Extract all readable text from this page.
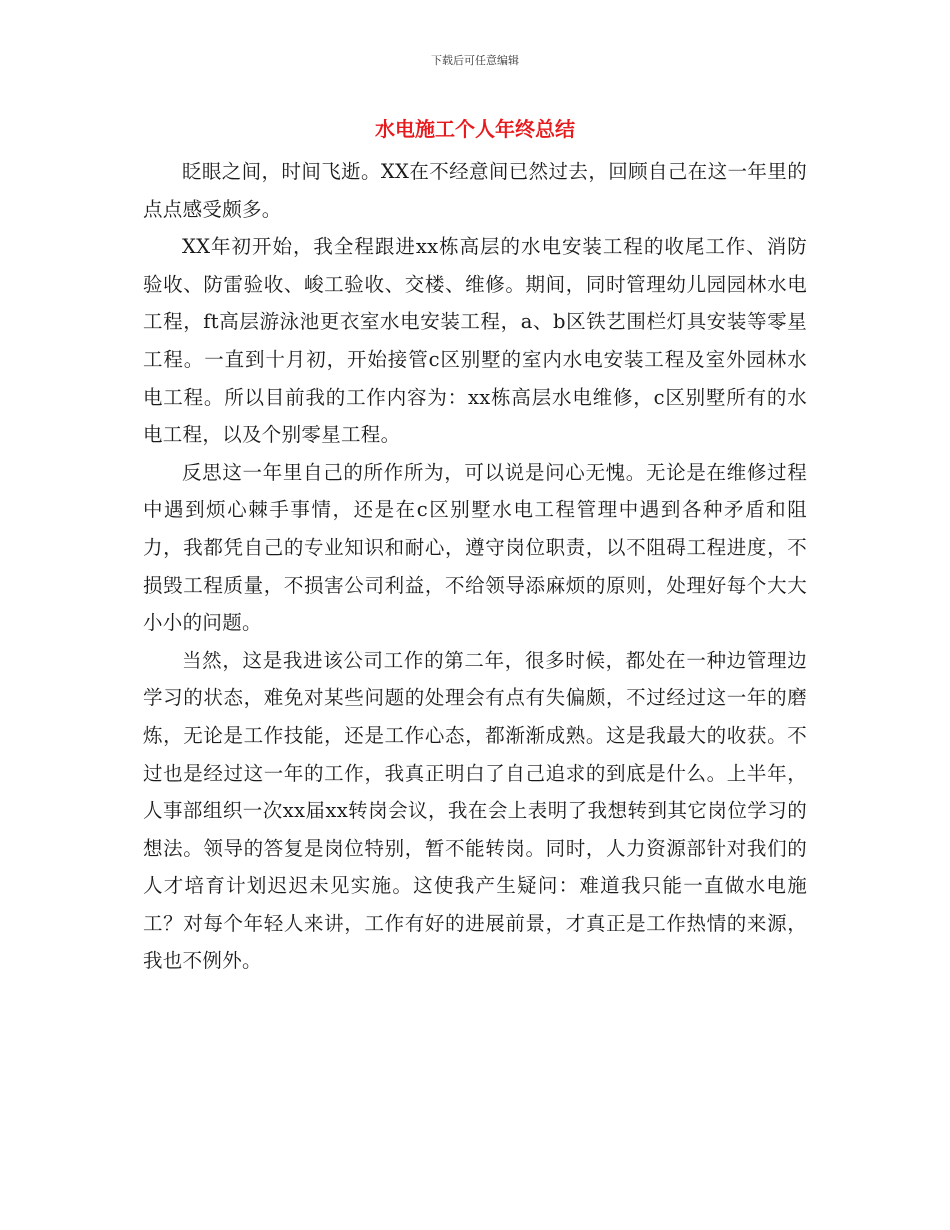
下载后可任意编辑
水电施工个人年终总结

眨眼之间，时间飞逝。XX在不经意间已然过去，回顾自己在这一年里的点点感受颇多。

XX年初开始，我全程跟进xx栋高层的水电安装工程的收尾工作、消防验收、防雷验收、峻工验收、交楼、维修。期间，同时管理幼儿园园林水电工程，ft高层游泳池更衣室水电安装工程，a、b区铁艺围栏灯具安装等零星工程。一直到十月初，开始接管c区别墅的室内水电安装工程及室外园林水电工程。所以目前我的工作内容为：xx栋高层水电维修，c区别墅所有的水电工程，以及个别零星工程。

反思这一年里自己的所作所为，可以说是问心无愧。无论是在维修过程中遇到烦心棘手事情，还是在c区别墅水电工程管理中遇到各种矛盾和阻力，我都凭自己的专业知识和耐心，遵守岗位职责，以不阻碍工程进度，不损毁工程质量，不损害公司利益，不给领导添麻烦的原则，处理好每个大大小小的问题。

当然，这是我进该公司工作的第二年，很多时候，都处在一种边管理边学习的状态，难免对某些问题的处理会有点有失偏颇，不过经过这一年的磨炼，无论是工作技能，还是工作心态，都渐渐成熟。这是我最大的收获。不过也是经过这一年的工作，我真正明白了自己追求的到底是什么。上半年，人事部组织一次xx届xx转岗会议，我在会上表明了我想转到其它岗位学习的想法。领导的答复是岗位特别，暂不能转岗。同时，人力资源部针对我们的人才培育计划迟迟未见实施。这使我产生疑问：难道我只能一直做水电施工？对每个年轻人来讲，工作有好的进展前景，才真正是工作热情的来源，我也不例外。
